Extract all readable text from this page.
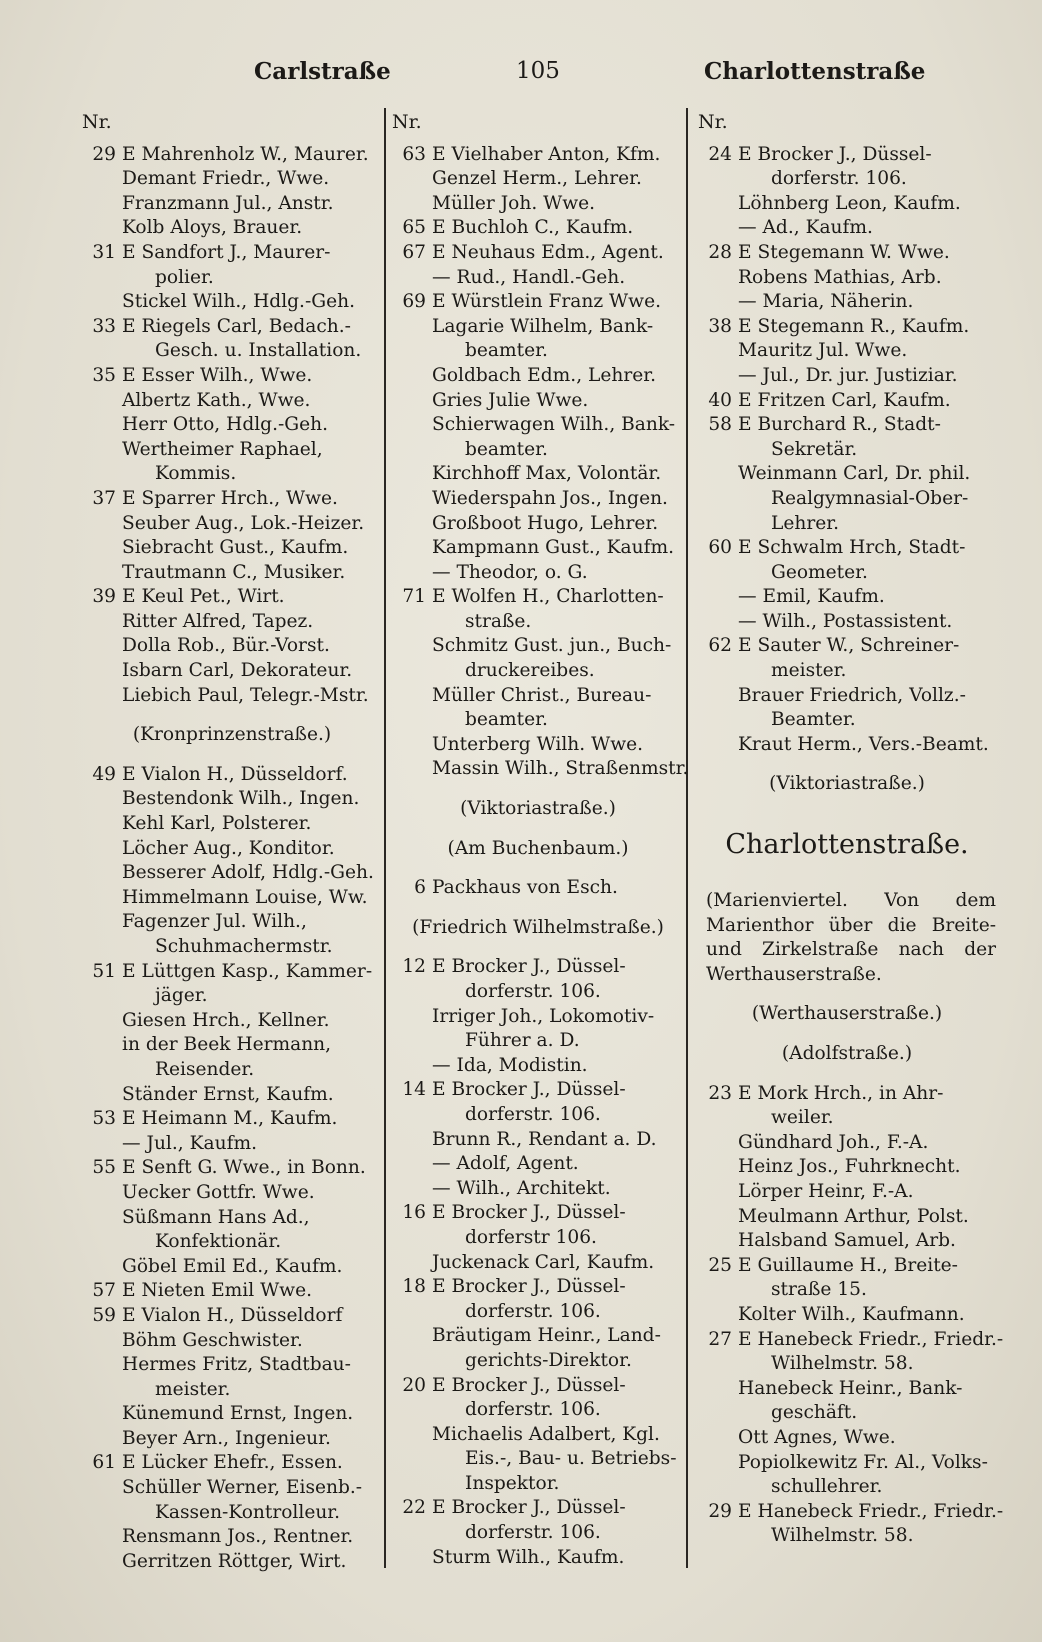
Carlstraße	105	Charlottenstraße
Nr.
29 E Mahrenholz W., Maurer.
Demant Friedr., Wwe.
Franzmann Jul., Anstr.
Kolb Aloys, Brauer.
31 E Sandfort J., Maurer-
polier.
Stickel Wilh., Hdlg.-Geh.
33 E Riegels Carl, Bedach.-
Gesch. u. Installation.
35 E Esser Wilh., Wwe.
Albertz Kath., Wwe.
Herr Otto, Hdlg.-Geh.
Wertheimer Raphael,
Kommis.
37 E Sparrer Hrch., Wwe.
Seuber Aug., Lok.-Heizer.
Siebracht Gust., Kaufm.
Trautmann C., Musiker.
39 E Keul Pet., Wirt.
Ritter Alfred, Tapez.
Dolla Rob., Bür.-Vorst.
Isbarn Carl, Dekorateur.
Liebich Paul, Telegr.-Mstr.
(Kronprinzenstraße.)
49 E Vialon H., Düsseldorf.
Bestendonk Wilh., Ingen.
Kehl Karl, Polsterer.
Löcher Aug., Konditor.
Besserer Adolf, Hdlg.-Geh.
Himmelmann Louise, Ww.
Fagenzer Jul. Wilh.,
Schuhmachermstr.
51 E Lüttgen Kasp., Kammer-
jäger.
Giesen Hrch., Kellner.
in der Beek Hermann,
Reisender.
Ständer Ernst, Kaufm.
53 E Heimann M., Kaufm.
— Jul., Kaufm.
55 E Senft G. Wwe., in Bonn.
Uecker Gottfr. Wwe.
Süßmann Hans Ad.,
Konfektionär.
Göbel Emil Ed., Kaufm.
57 E Nieten Emil Wwe.
59 E Vialon H., Düsseldorf
Böhm Geschwister.
Hermes Fritz, Stadtbau-
meister.
Künemund Ernst, Ingen.
Beyer Arn., Ingenieur.
61 E Lücker Ehefr., Essen.
Schüller Werner, Eisenb.-
Kassen-Kontrolleur.
Rensmann Jos., Rentner.
Gerritzen Röttger, Wirt.
Nr.
63 E Vielhaber Anton, Kfm.
Genzel Herm., Lehrer.
Müller Joh. Wwe.
65 E Buchloh C., Kaufm.
67 E Neuhaus Edm., Agent.
— Rud., Handl.-Geh.
69 E Würstlein Franz Wwe.
Lagarie Wilhelm, Bank-
beamter.
Goldbach Edm., Lehrer.
Gries Julie Wwe.
Schierwagen Wilh., Bank-
beamter.
Kirchhoff Max, Volontär.
Wiederspahn Jos., Ingen.
Großboot Hugo, Lehrer.
Kampmann Gust., Kaufm.
— Theodor, o. G.
71 E Wolfen H., Charlotten-
straße.
Schmitz Gust. jun., Buch-
druckereibes.
Müller Christ., Bureau-
beamter.
Unterberg Wilh. Wwe.
Massin Wilh., Straßenmstr.
(Viktoriastraße.)
(Am Buchenbaum.)
6 Packhaus von Esch.
(Friedrich Wilhelmstraße.)
12 E Brocker J., Düssel-
dorferstr. 106.
Irriger Joh., Lokomotiv-
Führer a. D.
— Ida, Modistin.
14 E Brocker J., Düssel-
dorferstr. 106.
Brunn R., Rendant a. D.
— Adolf, Agent.
— Wilh., Architekt.
16 E Brocker J., Düssel-
dorferstr 106.
Juckenack Carl, Kaufm.
18 E Brocker J., Düssel-
dorferstr. 106.
Bräutigam Heinr., Land-
gerichts-Direktor.
20 E Brocker J., Düssel-
dorferstr. 106.
Michaelis Adalbert, Kgl.
Eis.-, Bau- u. Betriebs-
Inspektor.
22 E Brocker J., Düssel-
dorferstr. 106.
Sturm Wilh., Kaufm.
Nr.
24 E Brocker J., Düssel-
dorferstr. 106.
Löhnberg Leon, Kaufm.
— Ad., Kaufm.
28 E Stegemann W. Wwe.
Robens Mathias, Arb.
— Maria, Näherin.
38 E Stegemann R., Kaufm.
Mauritz Jul. Wwe.
— Jul., Dr. jur. Justiziar.
40 E Fritzen Carl, Kaufm.
58 E Burchard R., Stadt-
Sekretär.
Weinmann Carl, Dr. phil.
Realgymnasial-Ober-
Lehrer.
60 E Schwalm Hrch, Stadt-
Geometer.
— Emil, Kaufm.
— Wilh., Postassistent.
62 E Sauter W., Schreiner-
meister.
Brauer Friedrich, Vollz.-
Beamter.
Kraut Herm., Vers.-Beamt.
(Viktoriastraße.)
Charlottenstraße.
(Marienviertel. Von dem Marienthor über die Breite- und Zirkelstraße nach der Werthauserstraße.
(Werthauserstraße.)
(Adolfstraße.)
23 E Mork Hrch., in Ahr-
weiler.
Gündhard Joh., F.-A.
Heinz Jos., Fuhrknecht.
Lörper Heinr, F.-A.
Meulmann Arthur, Polst.
Halsband Samuel, Arb.
25 E Guillaume H., Breite-
straße 15.
Kolter Wilh., Kaufmann.
27 E Hanebeck Friedr., Friedr.-
Wilhelmstr. 58.
Hanebeck Heinr., Bank-
geschäft.
Ott Agnes, Wwe.
Popiolkewitz Fr. Al., Volks-
schullehrer.
29 E Hanebeck Friedr., Friedr.-
Wilhelmstr. 58.
